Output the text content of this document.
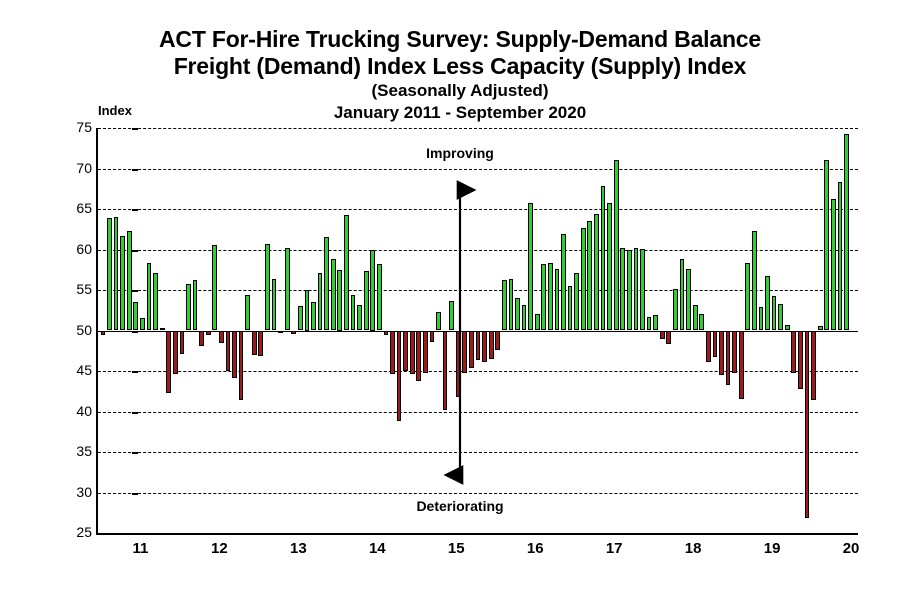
ACT For-Hire Trucking Survey: Supply-Demand Balance
Freight (Demand) Index Less Capacity (Supply) Index
(Seasonally Adjusted)
January 2011 - September 2020
Index
25
30
35
40
45
50
55
60
65
70
75
11	12	13	14	15	16	17	18	19	20
Improving
Deteriorating
